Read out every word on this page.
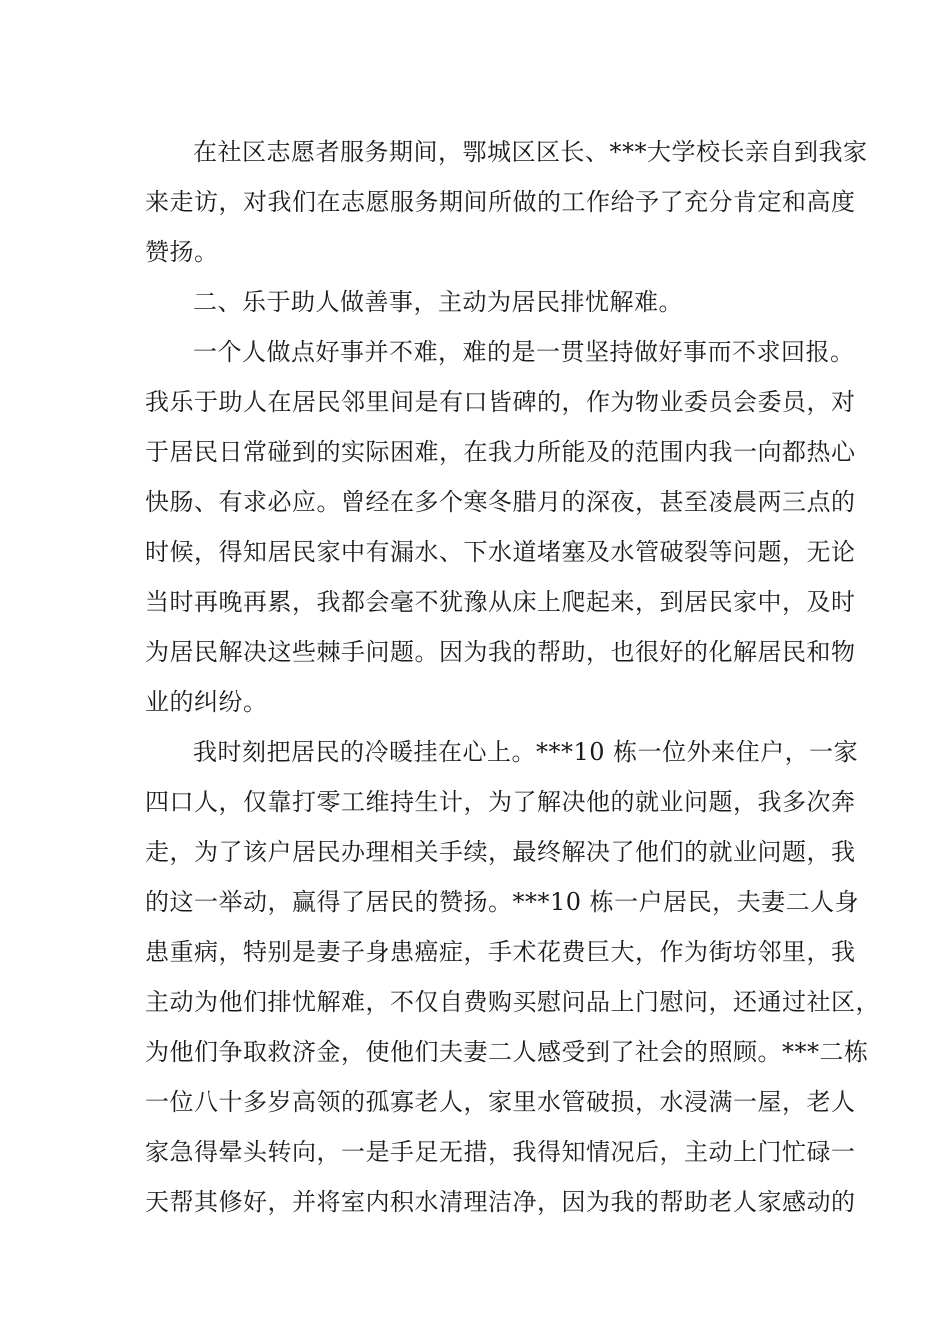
在社区志愿者服务期间，鄂城区区长、***大学校长亲自到我家
来走访，对我们在志愿服务期间所做的工作给予了充分肯定和高度
赞扬。
二、乐于助人做善事，主动为居民排忧解难。
一个人做点好事并不难，难的是一贯坚持做好事而不求回报。
我乐于助人在居民邻里间是有口皆碑的，作为物业委员会委员，对
于居民日常碰到的实际困难，在我力所能及的范围内我一向都热心
快肠、有求必应。曾经在多个寒冬腊月的深夜，甚至凌晨两三点的
时候，得知居民家中有漏水、下水道堵塞及水管破裂等问题，无论
当时再晚再累，我都会毫不犹豫从床上爬起来，到居民家中，及时
为居民解决这些棘手问题。因为我的帮助，也很好的化解居民和物
业的纠纷。
我时刻把居民的冷暖挂在心上。***10 栋一位外来住户，一家
四口人，仅靠打零工维持生计，为了解决他的就业问题，我多次奔
走，为了该户居民办理相关手续，最终解决了他们的就业问题，我
的这一举动，赢得了居民的赞扬。***10 栋一户居民，夫妻二人身
患重病，特别是妻子身患癌症，手术花费巨大，作为街坊邻里，我
主动为他们排忧解难，不仅自费购买慰问品上门慰问，还通过社区，
为他们争取救济金，使他们夫妻二人感受到了社会的照顾。***二栋
一位八十多岁高领的孤寡老人，家里水管破损，水浸满一屋，老人
家急得晕头转向，一是手足无措，我得知情况后，主动上门忙碌一
天帮其修好，并将室内积水清理洁净，因为我的帮助老人家感动的
